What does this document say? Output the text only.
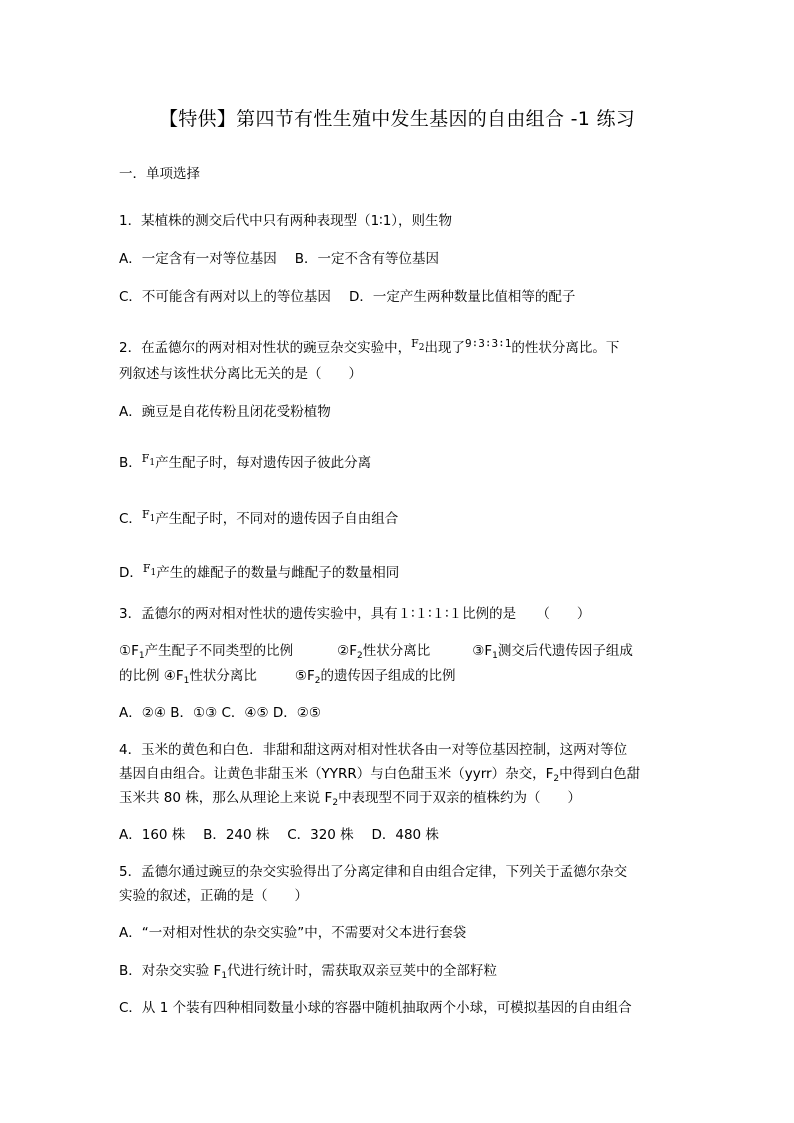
【特供】第四节有性生殖中发生基因的自由组合 -1 练习
一．单项选择
1．某植株的测交后代中只有两种表现型（1∶1），则生物
A．一定含有一对等位基因 B．一定不含有等位基因
C．不可能含有两对以上的等位基因 D．一定产生两种数量比值相等的配子
2．在孟德尔的两对相对性状的豌豆杂交实验中，$^{F_2}$出现了$^{9∶3∶3∶1}$的性状分离比。下
列叙述与该性状分离比无关的是（　　）
A．豌豆是自花传粉且闭花受粉植物
B．$^{F_1}$产生配子时，每对遗传因子彼此分离
C．$^{F_1}$产生配子时，不同对的遗传因子自由组合
D．$^{F_1}$产生的雄配子的数量与雌配子的数量相同
3．孟德尔的两对相对性状的遗传实验中，具有１∶１∶１∶１比例的是　　（　　）
$①F_1$产生配子不同类型的比例	$②F_2$性状分离比	$③F_1$测交后代遗传因子组成
的比例 $④F_1$性状分离比	$⑤F_2$的遗传因子组成的比例
A．②④ B．①③ C．④⑤ D．②⑤
4．玉米的黄色和白色．非甜和甜这两对相对性状各由一对等位基因控制，这两对等位
基因自由组合。让黄色非甜玉米（YYRR）与白色甜玉米（yyrr）杂交，$F_2$中得到白色甜
玉米共 80 株，那么从理论上来说 $F_2$中表现型不同于双亲的植株约为（　　）
A．160 株　 B．240 株　 C．320 株　 D．480 株
5．孟德尔通过豌豆的杂交实验得出了分离定律和自由组合定律，下列关于孟德尔杂交
实验的叙述，正确的是（　　）
A．“一对相对性状的杂交实验”中，不需要对父本进行套袋
B．对杂交实验 $F_1$代进行统计时，需获取双亲豆荚中的全部籽粒
C．从 1 个装有四种相同数量小球的容器中随机抽取两个小球，可模拟基因的自由组合
